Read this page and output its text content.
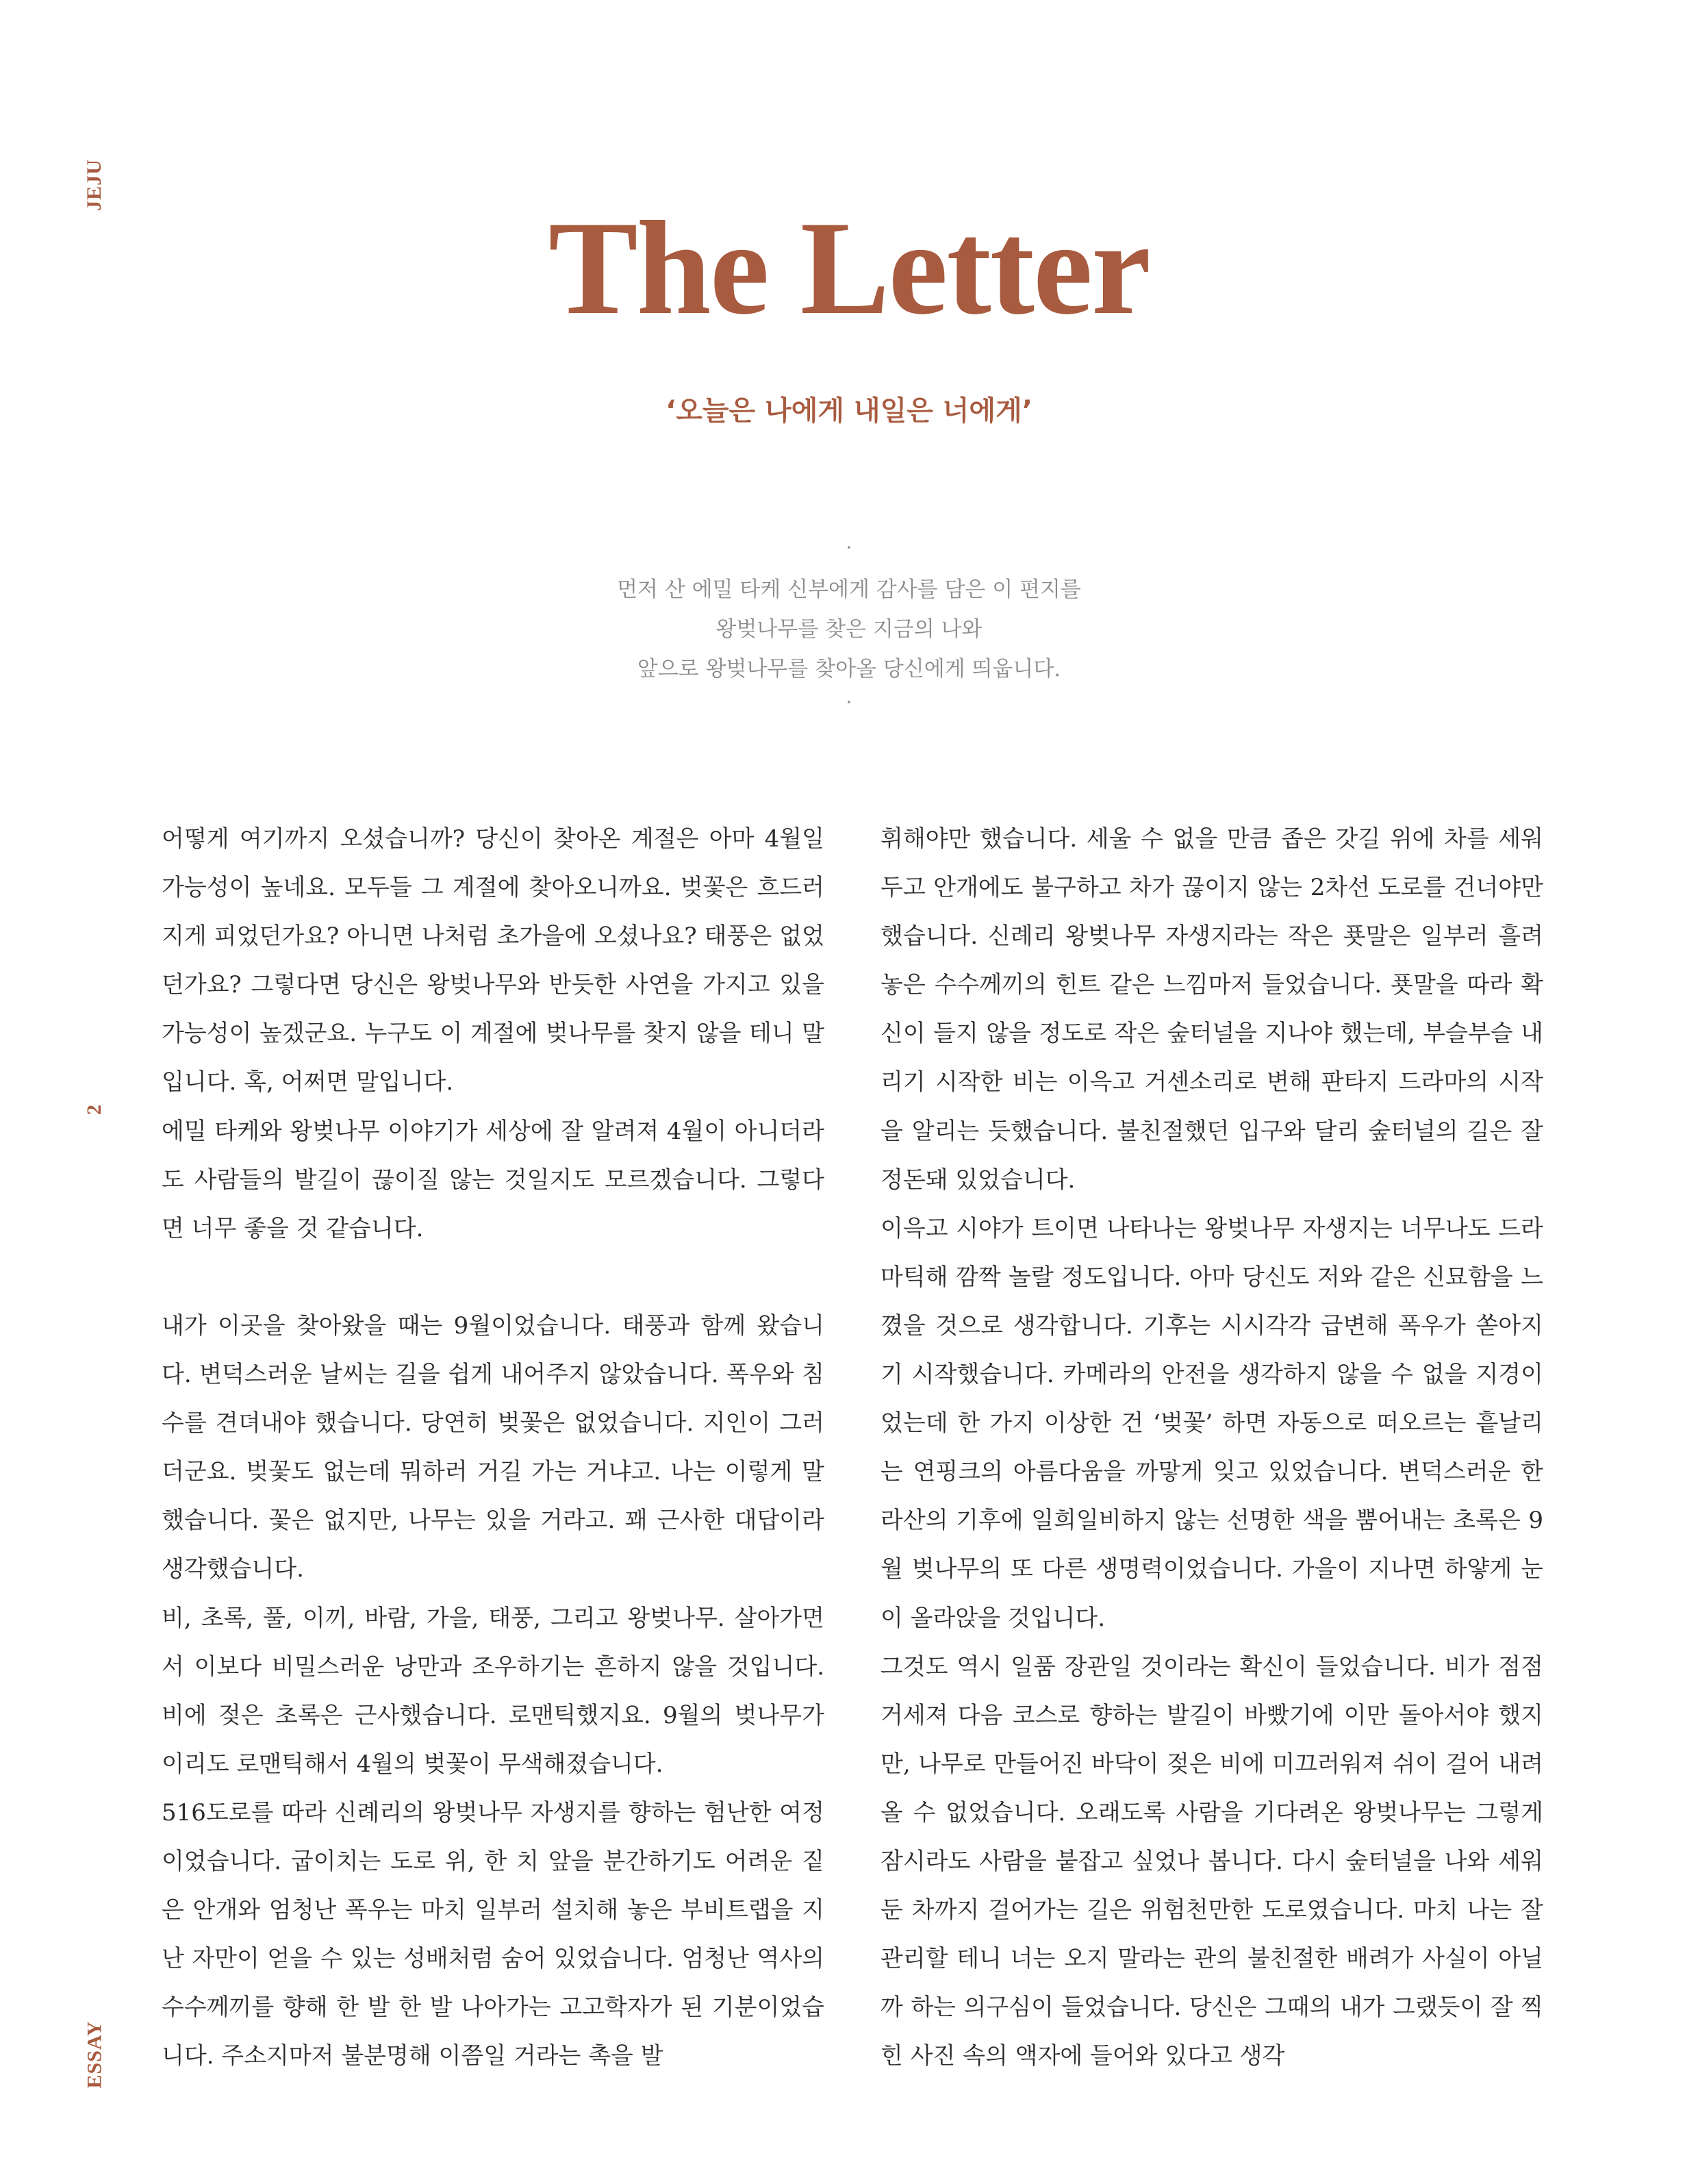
JEJU
2
ESSAY
The Letter
‘오늘은 나에게 내일은 너에게’
·
먼저 산 에밀 타케 신부에게 감사를 담은 이 편지를
왕벚나무를 찾은 지금의 나와
앞으로 왕벚나무를 찾아올 당신에게 띄웁니다.
·

어떻게 여기까지 오셨습니까? 당신이 찾아온 계절은 아마 4월일 가능성이 높네요. 모두들 그 계절에 찾아오니까요. 벚꽃은 흐드러지게 피었던가요? 아니면 나처럼 초가을에 오셨나요? 태풍은 없었던가요? 그렇다면 당신은 왕벚나무와 반듯한 사연을 가지고 있을 가능성이 높겠군요. 누구도 이 계절에 벚나무를 찾지 않을 테니 말입니다. 혹, 어쩌면 말입니다.

에밀 타케와 왕벚나무 이야기가 세상에 잘 알려져 4월이 아니더라도 사람들의 발길이 끊이질 않는 것일지도 모르겠습니다. 그렇다면 너무 좋을 것 같습니다.

내가 이곳을 찾아왔을 때는 9월이었습니다. 태풍과 함께 왔습니다. 변덕스러운 날씨는 길을 쉽게 내어주지 않았습니다. 폭우와 침수를 견뎌내야 했습니다. 당연히 벚꽃은 없었습니다. 지인이 그러더군요. 벚꽃도 없는데 뭐하러 거길 가는 거냐고. 나는 이렇게 말했습니다. 꽃은 없지만, 나무는 있을 거라고. 꽤 근사한 대답이라 생각했습니다.

비, 초록, 풀, 이끼, 바람, 가을, 태풍, 그리고 왕벚나무. 살아가면서 이보다 비밀스러운 낭만과 조우하기는 흔하지 않을 것입니다. 비에 젖은 초록은 근사했습니다. 로맨틱했지요. 9월의 벚나무가 이리도 로맨틱해서 4월의 벚꽃이 무색해졌습니다.

516도로를 따라 신례리의 왕벚나무 자생지를 향하는 험난한 여정이었습니다. 굽이치는 도로 위, 한 치 앞을 분간하기도 어려운 짙은 안개와 엄청난 폭우는 마치 일부러 설치해 놓은 부비트랩을 지난 자만이 얻을 수 있는 성배처럼 숨어 있었습니다. 엄청난 역사의 수수께끼를 향해 한 발 한 발 나아가는 고고학자가 된 기분이었습니다. 주소지마저 불분명해 이쯤일 거라는 촉을 발

휘해야만 했습니다. 세울 수 없을 만큼 좁은 갓길 위에 차를 세워 두고 안개에도 불구하고 차가 끊이지 않는 2차선 도로를 건너야만 했습니다. 신례리 왕벚나무 자생지라는 작은 푯말은 일부러 흘려놓은 수수께끼의 힌트 같은 느낌마저 들었습니다. 푯말을 따라 확신이 들지 않을 정도로 작은 숲터널을 지나야 했는데, 부슬부슬 내리기 시작한 비는 이윽고 거센소리로 변해 판타지 드라마의 시작을 알리는 듯했습니다. 불친절했던 입구와 달리 숲터널의 길은 잘 정돈돼 있었습니다.

이윽고 시야가 트이면 나타나는 왕벚나무 자생지는 너무나도 드라마틱해 깜짝 놀랄 정도입니다. 아마 당신도 저와 같은 신묘함을 느꼈을 것으로 생각합니다. 기후는 시시각각 급변해 폭우가 쏟아지기 시작했습니다. 카메라의 안전을 생각하지 않을 수 없을 지경이었는데 한 가지 이상한 건 ‘벚꽃’ 하면 자동으로 떠오르는 흩날리는 연핑크의 아름다움을 까맣게 잊고 있었습니다. 변덕스러운 한라산의 기후에 일희일비하지 않는 선명한 색을 뿜어내는 초록은 9월 벚나무의 또 다른 생명력이었습니다. 가을이 지나면 하얗게 눈이 올라앉을 것입니다.

그것도 역시 일품 장관일 것이라는 확신이 들었습니다. 비가 점점 거세져 다음 코스로 향하는 발길이 바빴기에 이만 돌아서야 했지만, 나무로 만들어진 바닥이 젖은 비에 미끄러워져 쉬이 걸어 내려올 수 없었습니다. 오래도록 사람을 기다려온 왕벚나무는 그렇게 잠시라도 사람을 붙잡고 싶었나 봅니다. 다시 숲터널을 나와 세워 둔 차까지 걸어가는 길은 위험천만한 도로였습니다. 마치 나는 잘 관리할 테니 너는 오지 말라는 관의 불친절한 배려가 사실이 아닐까 하는 의구심이 들었습니다. 당신은 그때의 내가 그랬듯이 잘 찍힌 사진 속의 액자에 들어와 있다고 생각
